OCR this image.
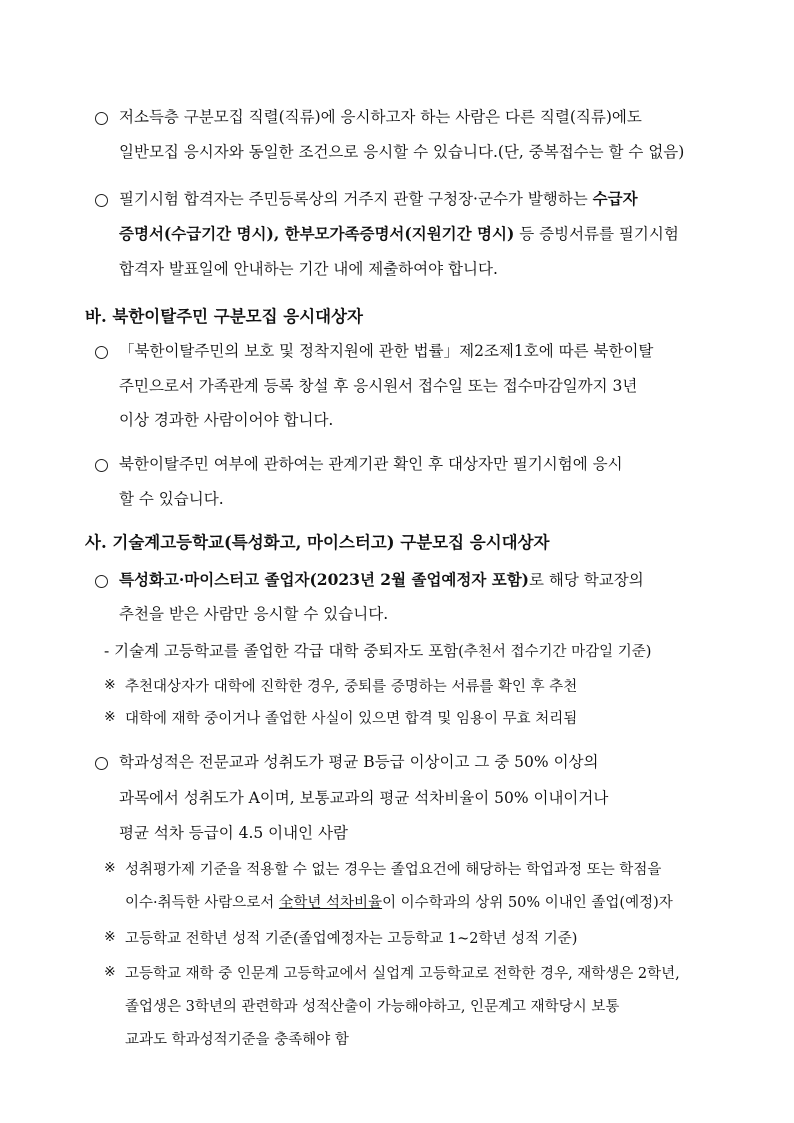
저소득층 구분모집 직렬(직류)에 응시하고자 하는 사람은 다른 직렬(직류)에도
일반모집 응시자와 동일한 조건으로 응시할 수 있습니다.(단, 중복접수는 할 수 없음)
필기시험 합격자는 주민등록상의 거주지 관할 구청장·군수가 발행하는 수급자
증명서(수급기간 명시), 한부모가족증명서(지원기간 명시) 등 증빙서류를 필기시험
합격자 발표일에 안내하는 기간 내에 제출하여야 합니다.
바. 북한이탈주민 구분모집 응시대상자
「북한이탈주민의 보호 및 정착지원에 관한 법률」제2조제1호에 따른 북한이탈
주민으로서 가족관계 등록 창설 후 응시원서 접수일 또는 접수마감일까지 3년
이상 경과한 사람이어야 합니다.
북한이탈주민 여부에 관하여는 관계기관 확인 후 대상자만 필기시험에 응시
할 수 있습니다.
사. 기술계고등학교(특성화고, 마이스터고) 구분모집 응시대상자
특성화고·마이스터고 졸업자(2023년 2월 졸업예정자 포함)로 해당 학교장의
추천을 받은 사람만 응시할 수 있습니다.
- 기술계 고등학교를 졸업한 각급 대학 중퇴자도 포함(추천서 접수기간 마감일 기준)
※ 추천대상자가 대학에 진학한 경우, 중퇴를 증명하는 서류를 확인 후 추천
※ 대학에 재학 중이거나 졸업한 사실이 있으면 합격 및 임용이 무효 처리됨
학과성적은 전문교과 성취도가 평균 B등급 이상이고 그 중 50% 이상의
과목에서 성취도가 A이며, 보통교과의 평균 석차비율이 50% 이내이거나
평균 석차 등급이 4.5 이내인 사람
※ 성취평가제 기준을 적용할 수 없는 경우는 졸업요건에 해당하는 학업과정 또는 학점을
이수·취득한 사람으로서 全학년 석차비율이 이수학과의 상위 50% 이내인 졸업(예정)자
※ 고등학교 전학년 성적 기준(졸업예정자는 고등학교 1~2학년 성적 기준)
※ 고등학교 재학 중 인문계 고등학교에서 실업계 고등학교로 전학한 경우, 재학생은 2학년,
졸업생은 3학년의 관련학과 성적산출이 가능해야하고, 인문계고 재학당시 보통
교과도 학과성적기준을 충족해야 함
